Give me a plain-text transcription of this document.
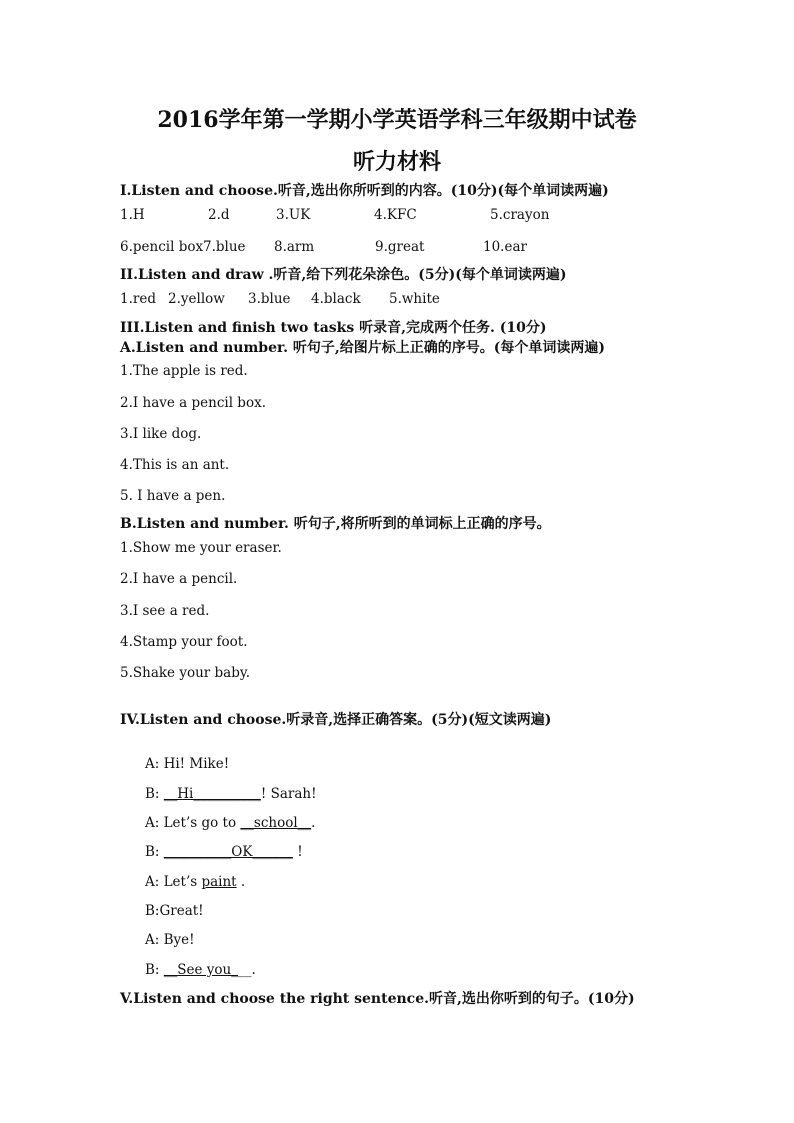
2016学年第一学期小学英语学科三年级期中试卷
听力材料
I.Listen and choose.听音,选出你所听到的内容。(10分)(每个单词读两遍)
1.H	2.d	3.UK	4.KFC	5.crayon
6.pencil box 7.blue 8.arm	9.great	10.ear
II.Listen and draw .听音,给下列花朵涂色。(5分)(每个单词读两遍)
1.red 2.yellow 3.blue 4.black 5.white
III.Listen and finish two tasks 听录音,完成两个任务. (10分)
A.Listen and number. 听句子,给图片标上正确的序号。(每个单词读两遍)
1.The apple is red.
2.I have a pencil box.
3.I like dog.
4.This is an ant.
5. I have a pen.
B.Listen and number. 听句子,将所听到的单词标上正确的序号。
1.Show me your eraser.
2.I have a pencil.
3.I see a red.
4.Stamp your foot.
5.Shake your baby.
IV.Listen and choose.听录音,选择正确答案。(5分)(短文读两遍)
A: Hi! Mike!
B: __Hi__________! Sarah!
A: Let’s go to __school__.
B: __________OK______ !
A: Let’s paint .
B:Great!
A: Bye!
B: __See you___.
V.Listen and choose the right sentence.听音,选出你听到的句子。(10分)
